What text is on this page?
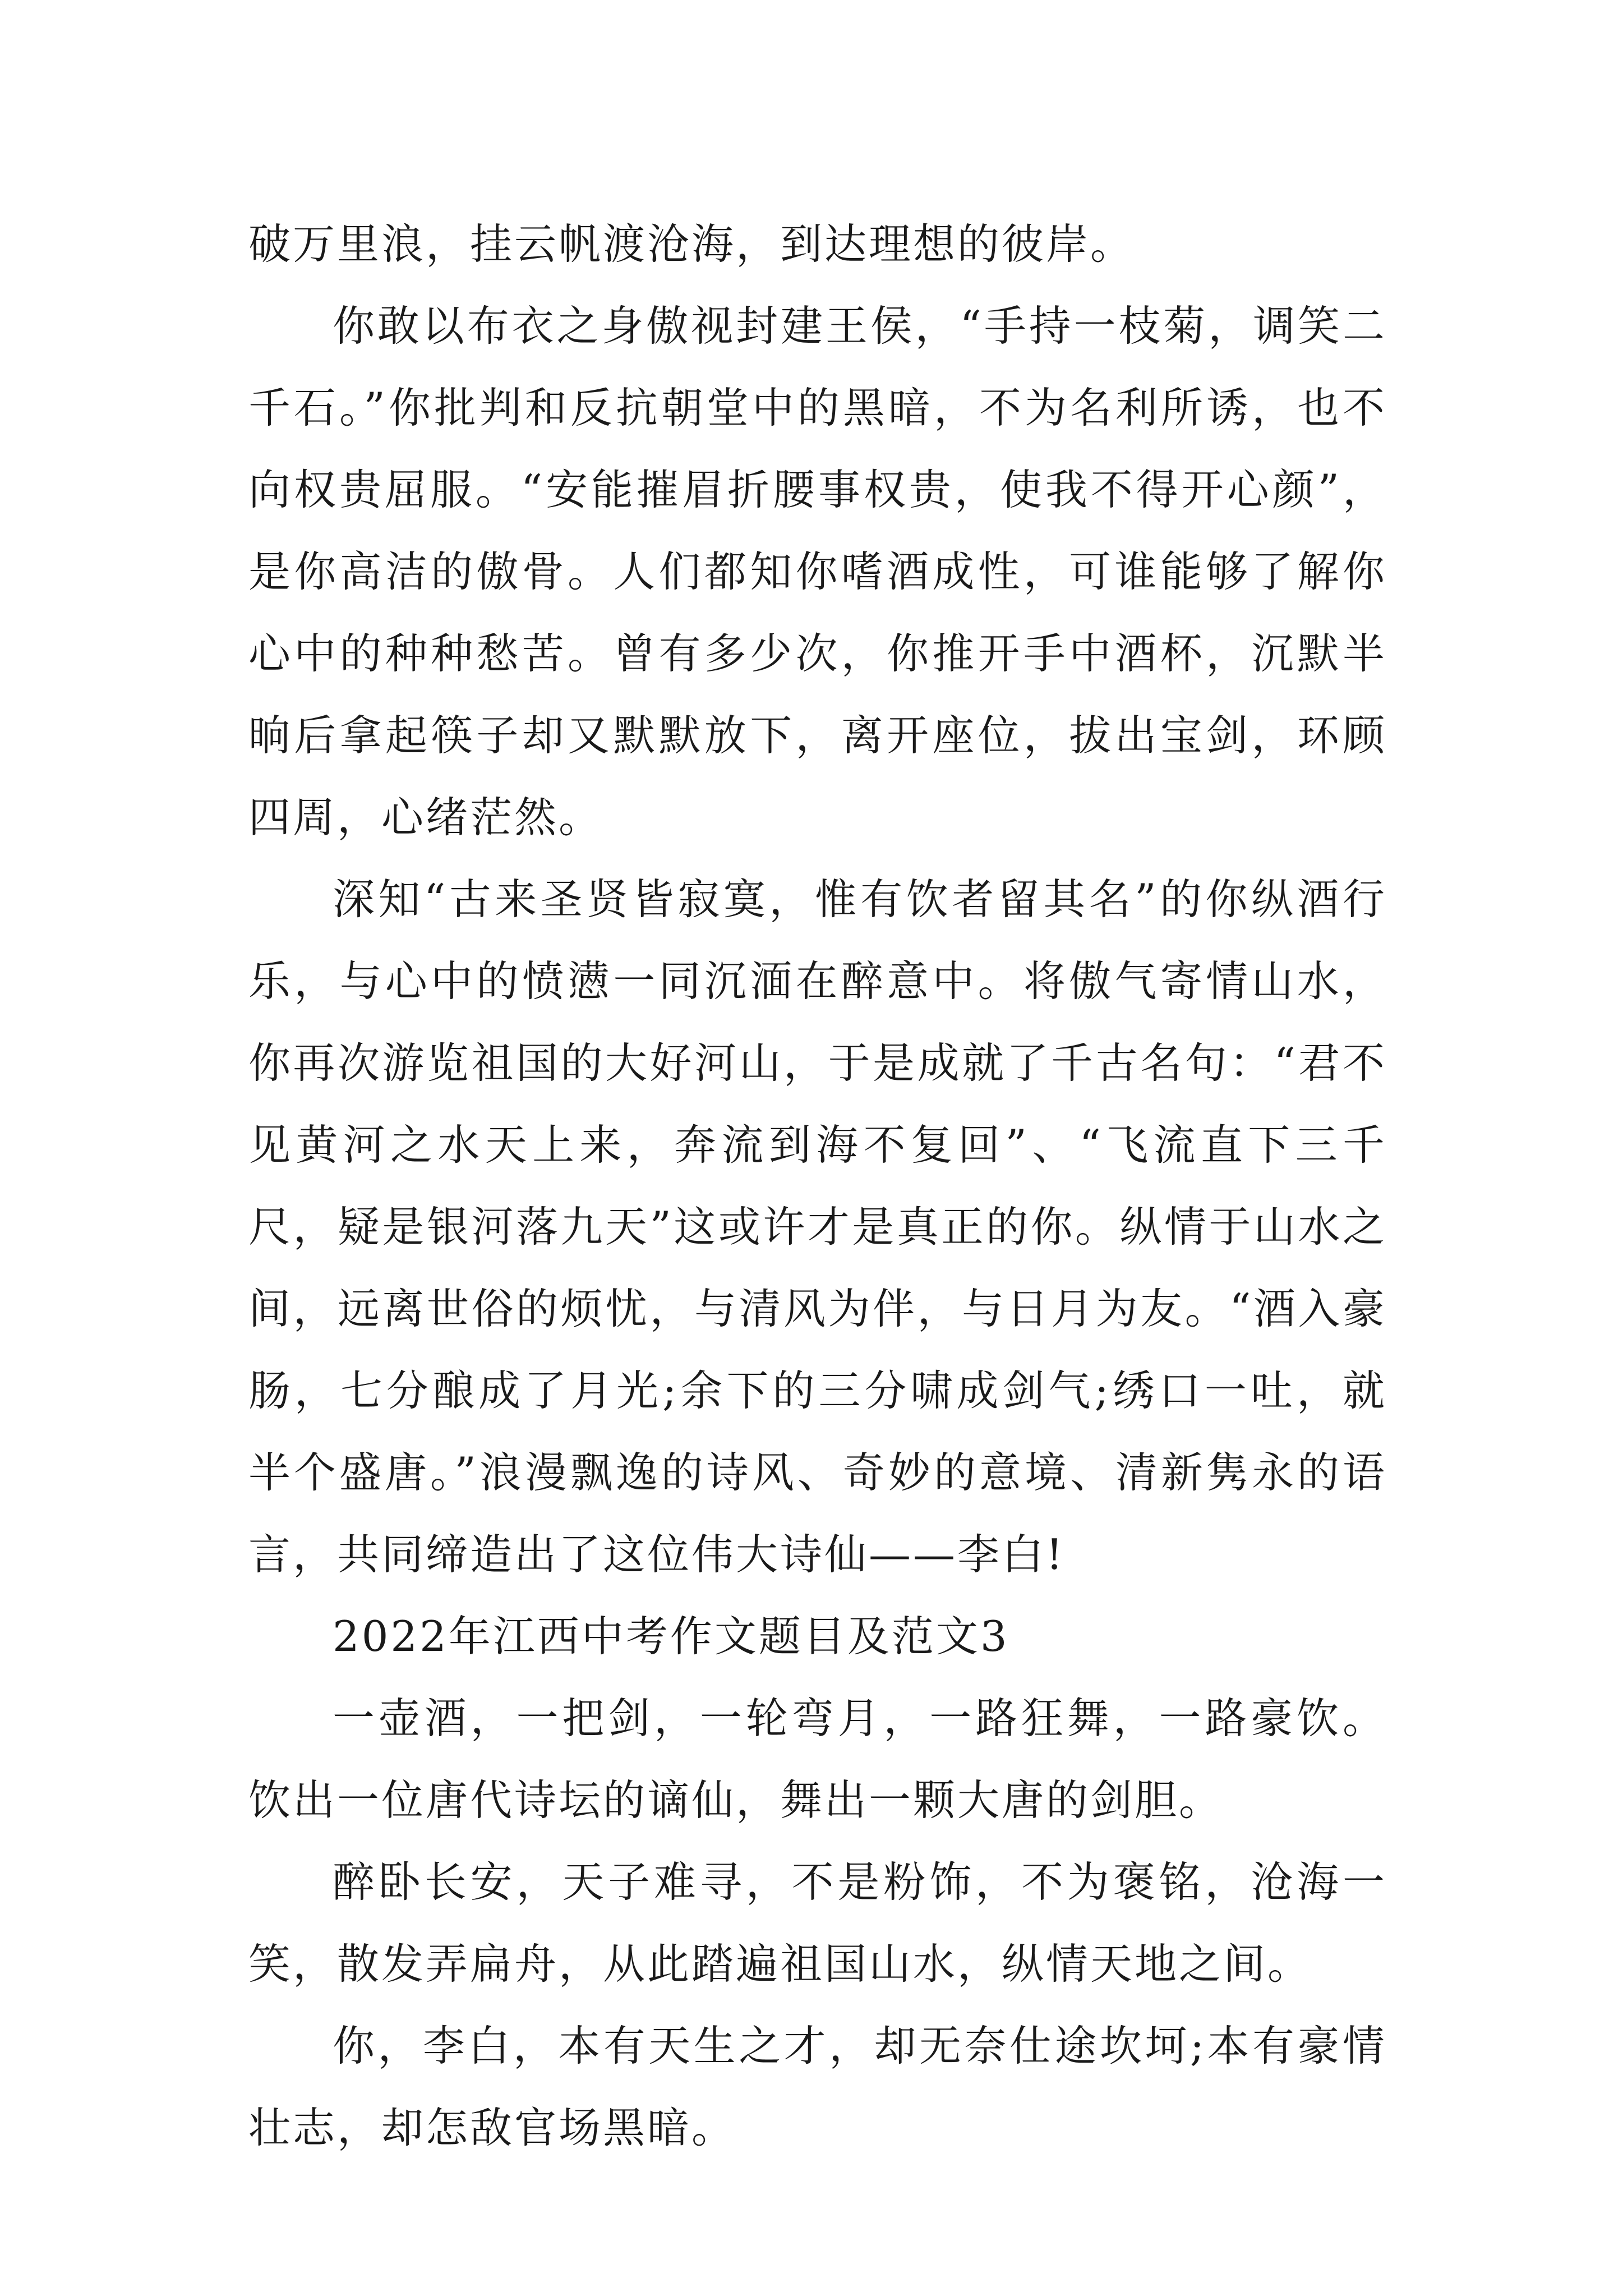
破万里浪，挂云帆渡沧海，到达理想的彼岸。

你敢以布衣之身傲视封建王侯，“手持一枝菊，调笑二千石。”你批判和反抗朝堂中的黑暗，不为名利所诱，也不向权贵屈服。“安能摧眉折腰事权贵，使我不得开心颜”，是你高洁的傲骨。人们都知你嗜酒成性，可谁能够了解你心中的种种愁苦。曾有多少次，你推开手中酒杯，沉默半晌后拿起筷子却又默默放下，离开座位，拔出宝剑，环顾四周，心绪茫然。

深知“古来圣贤皆寂寞，惟有饮者留其名”的你纵酒行乐，与心中的愤懑一同沉湎在醉意中。将傲气寄情山水，你再次游览祖国的大好河山，于是成就了千古名句：“君不见黄河之水天上来，奔流到海不复回”、“飞流直下三千尺，疑是银河落九天”这或许才是真正的你。纵情于山水之间，远离世俗的烦忧，与清风为伴，与日月为友。“酒入豪肠，七分酿成了月光;余下的三分啸成剑气;绣口一吐，就半个盛唐。”浪漫飘逸的诗风、奇妙的意境、清新隽永的语言，共同缔造出了这位伟大诗仙——李白!

2022年江西中考作文题目及范文3

一壶酒，一把剑，一轮弯月，一路狂舞，一路豪饮。饮出一位唐代诗坛的谪仙，舞出一颗大唐的剑胆。

醉卧长安，天子难寻，不是粉饰，不为褒铭，沧海一笑，散发弄扁舟，从此踏遍祖国山水，纵情天地之间。

你，李白，本有天生之才，却无奈仕途坎坷;本有豪情壮志，却怎敌官场黑暗。
